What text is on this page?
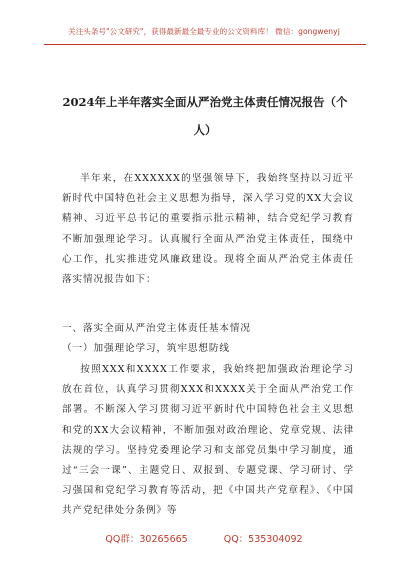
关注头条号"公文研究"，获得最新最全最专业的公文资料库！ 微信：gongwenyj
2024年上半年落实全面从严治党主体责任情况报告（个
人）
半年来，在XXXXXX的坚强领导下，我始终坚持以习近平新时代中国特色社会主义思想为指导，深入学习党的XX大会议精神、习近平总书记的重要指示批示精神，结合党纪学习教育不断加强理论学习。认真履行全面从严治党主体责任，围绕中心工作，扎实推进党风廉政建设。现将全面从严治党主体责任落实情况报告如下：
一、落实全面从严治党主体责任基本情况
（一）加强理论学习，筑牢思想防线
按照XXX和XXXX工作要求，我始终把加强政治理论学习放在首位，认真学习贯彻XXX和XXXX关于全面从严治党工作部署。不断深入学习贯彻习近平新时代中国特色社会主义思想和党的XX大会议精神，不断加强对政治理论、党章党规、法律法规的学习。坚持党委理论学习和支部党员集中学习制度，通过“三会一课”、主题党日、双报到、专题党课、学习研讨、学习强国和党纪学习教育等活动，把《中国共产党章程》、《中国共产党纪律处分条例》等
QQ群：30265665	QQ：535304092
